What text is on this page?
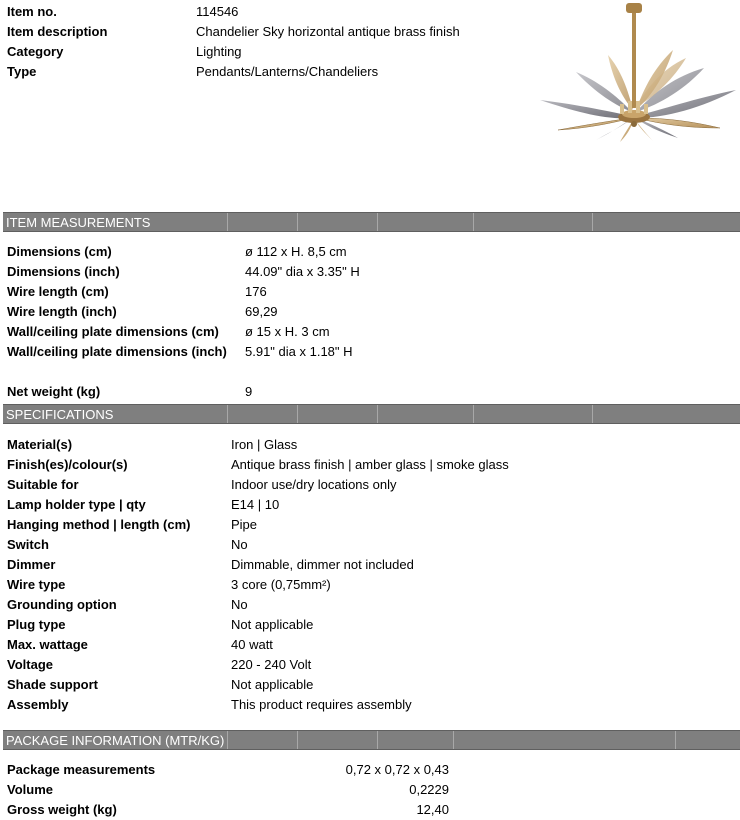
Item no.	114546
Item description	Chandelier Sky horizontal antique brass finish
Category	Lighting
Type	Pendants/Lanterns/Chandeliers
ITEM MEASUREMENTS
Dimensions (cm)	ø 112 x H. 8,5 cm
Dimensions (inch)	44.09" dia x 3.35" H
Wire length (cm)	176
Wire length (inch)	69,29
Wall/ceiling plate dimensions (cm) ø 15 x H. 3 cm
Wall/ceiling plate dimensions (inch) 5.91" dia x 1.18" H
Net weight (kg)	9
SPECIFICATIONS
Material(s)	Iron | Glass
Finish(es)/colour(s)	Antique brass finish | amber glass | smoke glass
Suitable for	Indoor use/dry locations only
Lamp holder type | qty	E14 | 10
Hanging method | length (cm)	Pipe
Switch	No
Dimmer	Dimmable, dimmer not included
Wire type	3 core (0,75mm²)
Grounding option	No
Plug type	Not applicable
Max. wattage	40 watt
Voltage	220 - 240 Volt
Shade support	Not applicable
Assembly	This product requires assembly
PACKAGE INFORMATION (MTR/KG)
Package measurements	0,72 x 0,72 x 0,43
Volume	0,2229
Gross weight (kg)	12,40
